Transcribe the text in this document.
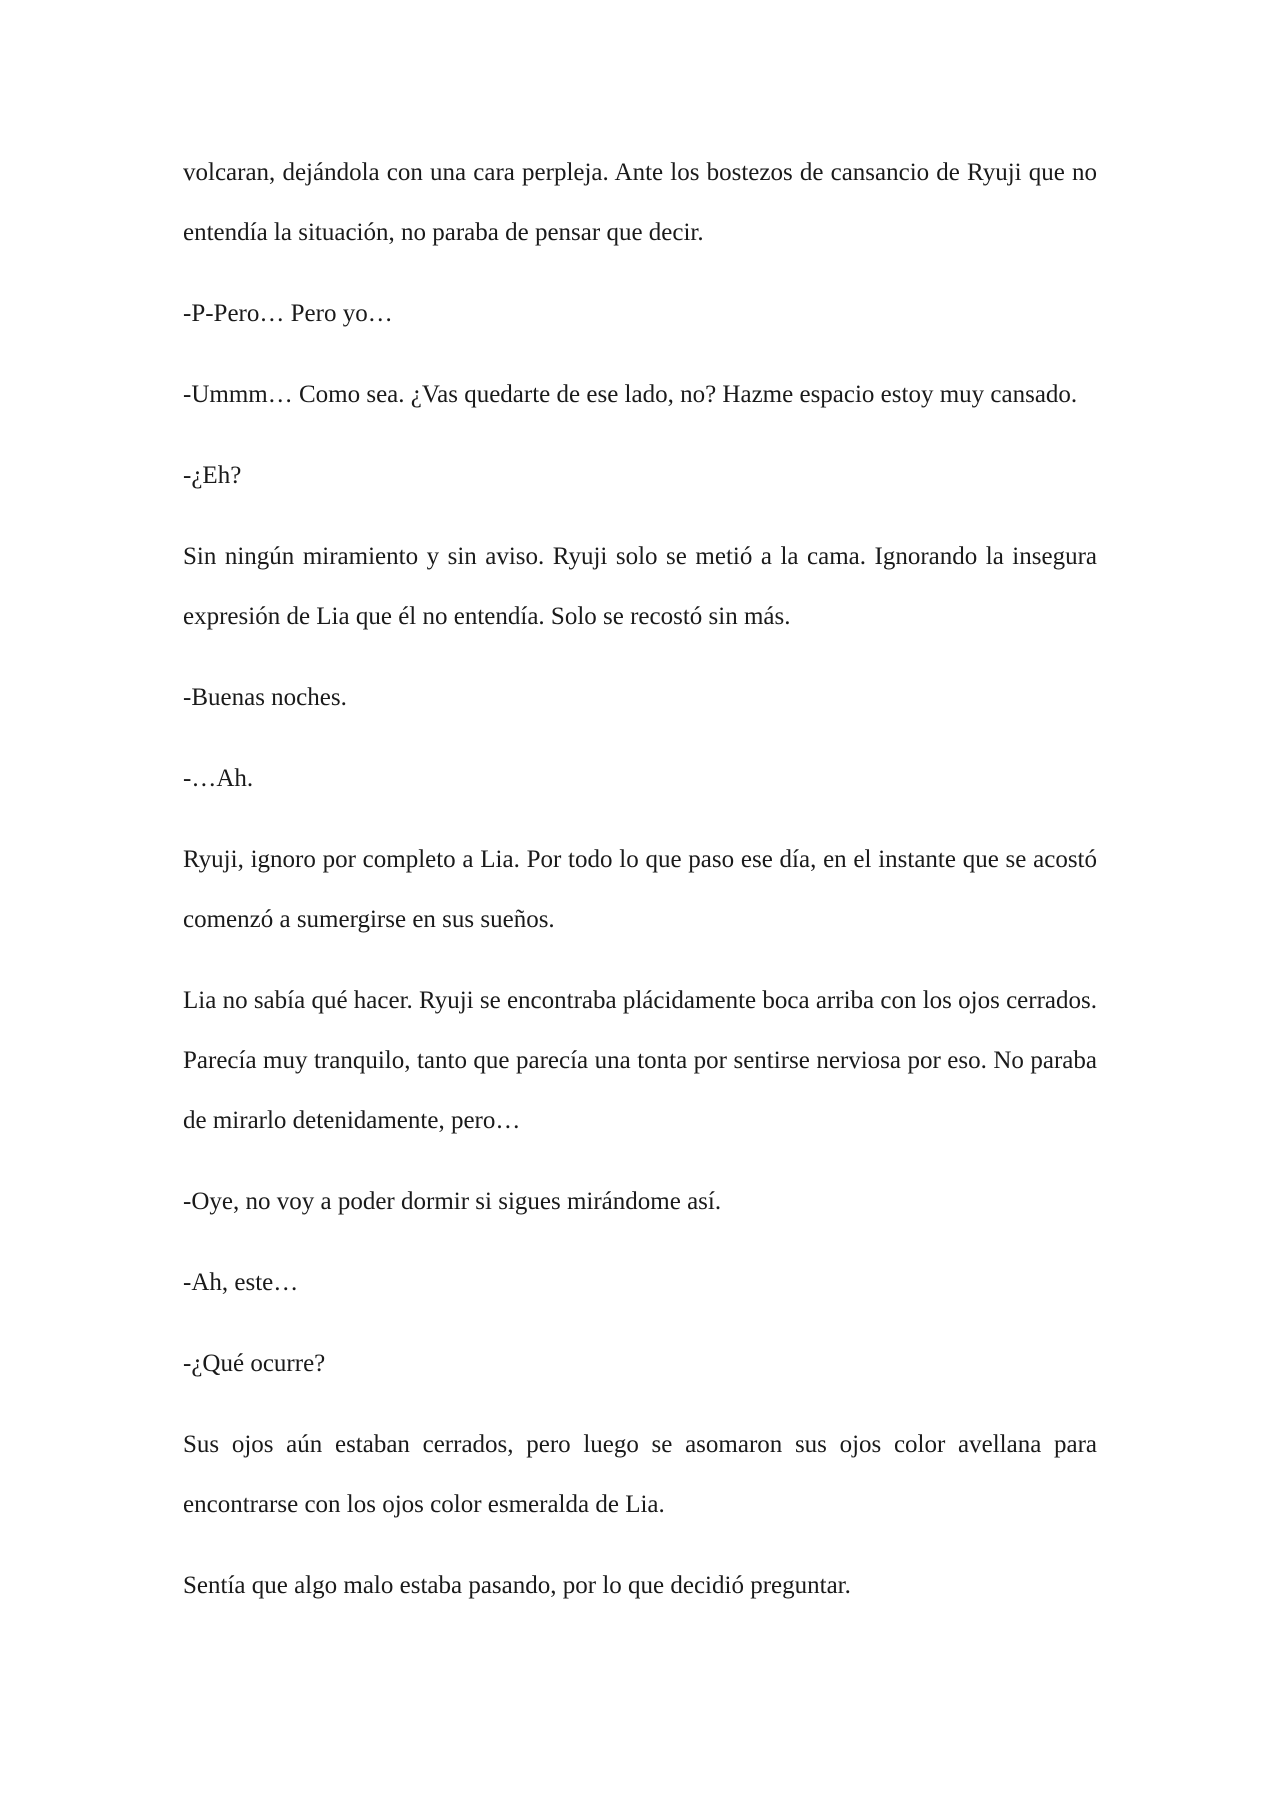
volcaran, dejándola con una cara perpleja. Ante los bostezos de cansancio de Ryuji que no entendía la situación, no paraba de pensar que decir.

-P-Pero… Pero yo…

-Ummm… Como sea. ¿Vas quedarte de ese lado, no? Hazme espacio estoy muy cansado.

-¿Eh?

Sin ningún miramiento y sin aviso. Ryuji solo se metió a la cama. Ignorando la insegura expresión de Lia que él no entendía. Solo se recostó sin más.

-Buenas noches.

-…Ah.

Ryuji, ignoro por completo a Lia. Por todo lo que paso ese día, en el instante que se acostó comenzó a sumergirse en sus sueños.

Lia no sabía qué hacer. Ryuji se encontraba plácidamente boca arriba con los ojos cerrados. Parecía muy tranquilo, tanto que parecía una tonta por sentirse nerviosa por eso. No paraba de mirarlo detenidamente, pero…

-Oye, no voy a poder dormir si sigues mirándome así.

-Ah, este…

-¿Qué ocurre?

Sus ojos aún estaban cerrados, pero luego se asomaron sus ojos color avellana para encontrarse con los ojos color esmeralda de Lia.

Sentía que algo malo estaba pasando, por lo que decidió preguntar.
